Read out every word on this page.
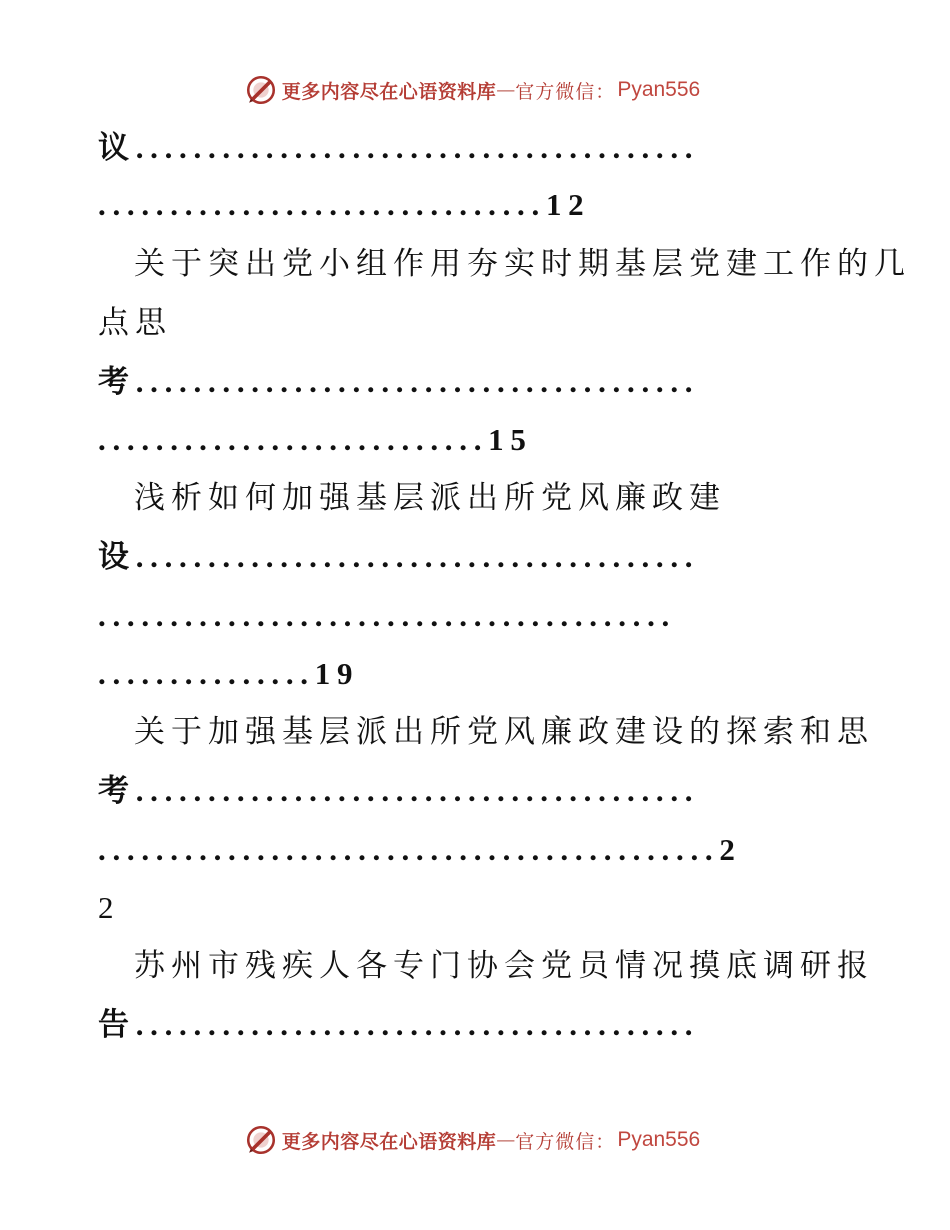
更多内容尽在心语资料库 — 官方微信： Pyan556
议.......................................
...............................12
关于突出党小组作用夯实时期基层党建工作的几
点思
考.......................................
...........................15
浅析如何加强基层派出所党风廉政建
设.......................................
........................................
...............19
关于加强基层派出所党风廉政建设的探索和思
考.......................................
...........................................2
2
苏州市残疾人各专门协会党员情况摸底调研报
告.......................................
更多内容尽在心语资料库 — 官方微信： Pyan556
